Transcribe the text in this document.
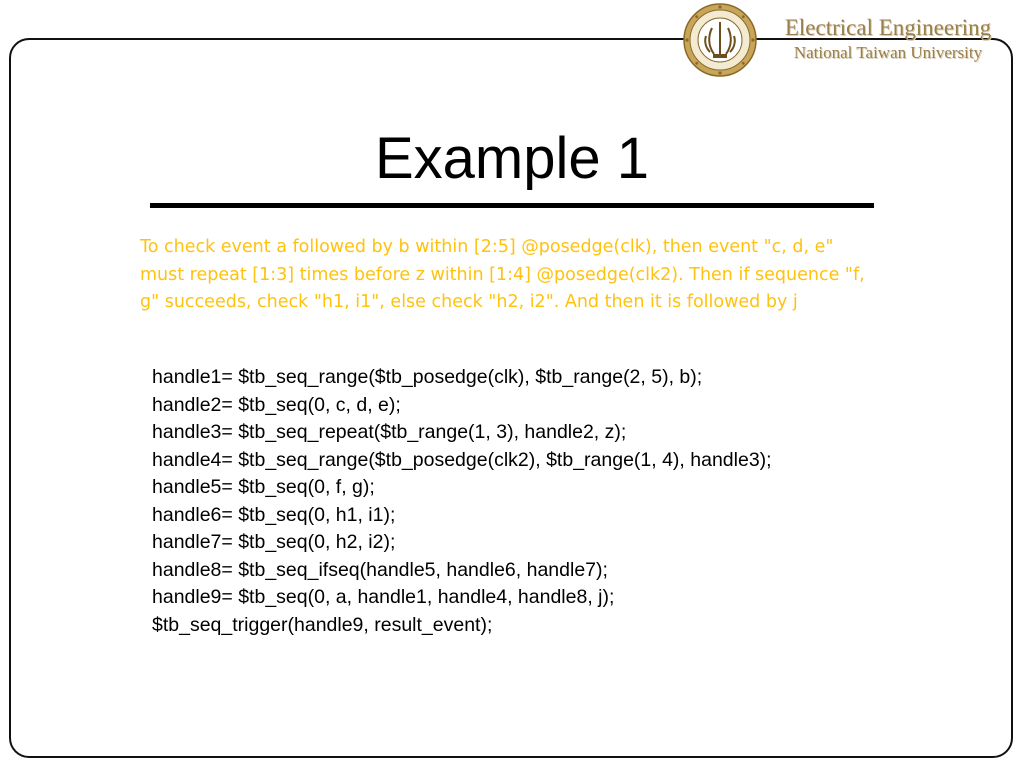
Electrical Engineering
National Taiwan University
Example 1
To check event a followed by b within [2:5] @posedge(clk), then event "c, d, e" must repeat [1:3] times before z within [1:4] @posedge(clk2). Then if sequence "f, g" succeeds, check "h1, i1", else check "h2, i2". And then it is followed by j
handle1= $tb_seq_range($tb_posedge(clk), $tb_range(2, 5), b);
handle2= $tb_seq(0, c, d, e);
handle3= $tb_seq_repeat($tb_range(1, 3), handle2, z);
handle4= $tb_seq_range($tb_posedge(clk2), $tb_range(1, 4), handle3);
handle5= $tb_seq(0, f, g);
handle6= $tb_seq(0, h1, i1);
handle7= $tb_seq(0, h2, i2);
handle8= $tb_seq_ifseq(handle5, handle6, handle7);
handle9= $tb_seq(0, a, handle1, handle4, handle8, j);
$tb_seq_trigger(handle9, result_event);
